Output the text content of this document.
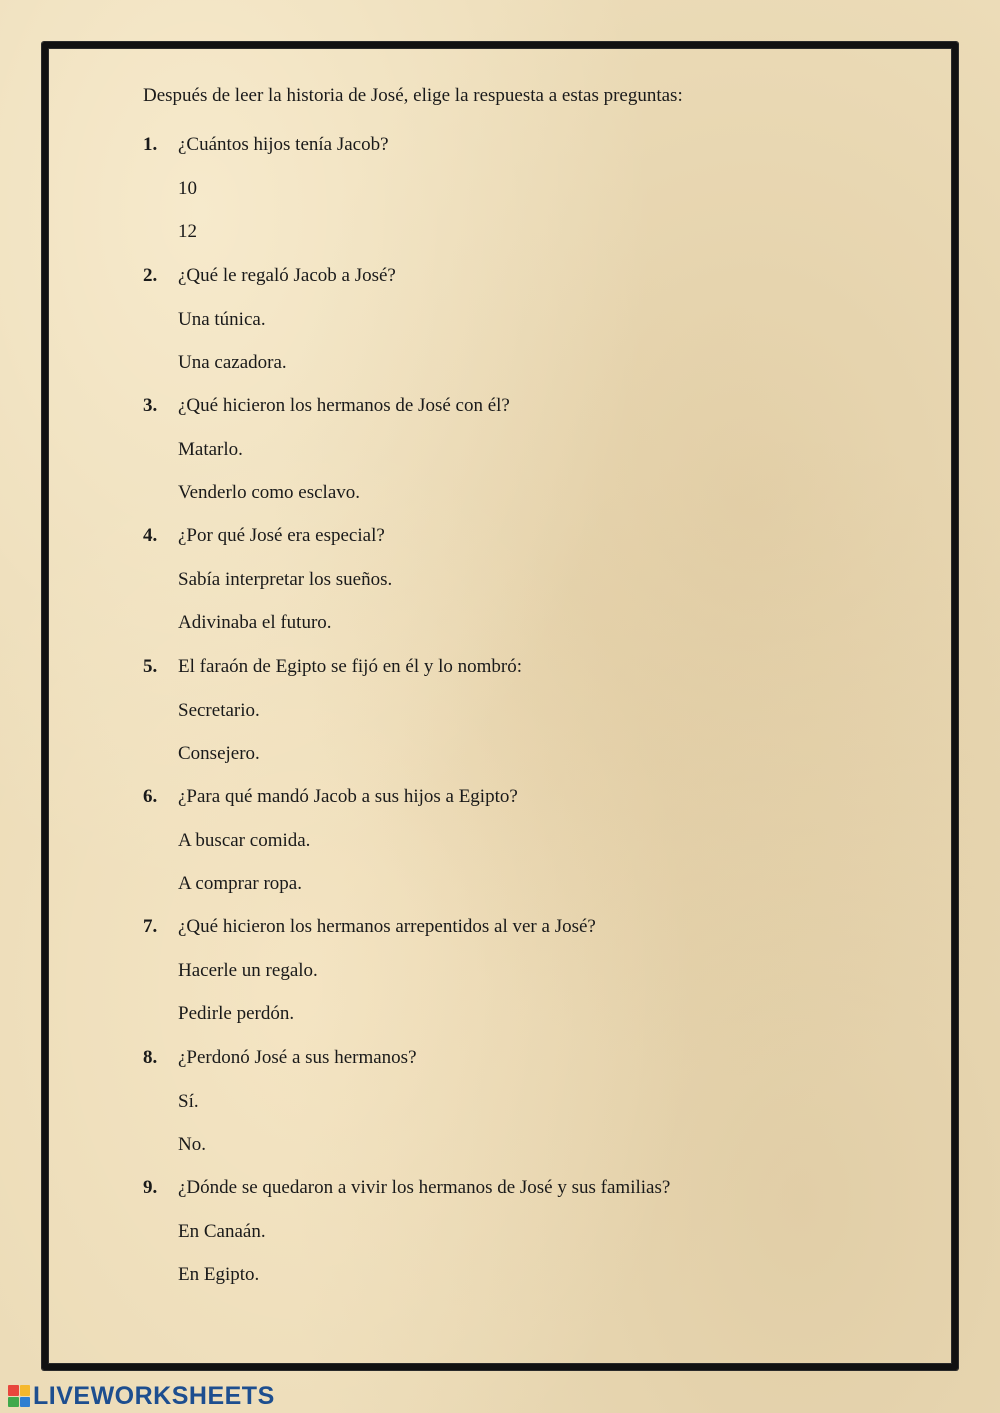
Después de leer la historia de José, elige la respuesta a estas preguntas:
1.	¿Cuántos hijos tenía Jacob?
10
12
2.	¿Qué le regaló Jacob a José?
Una túnica.
Una cazadora.
3.	¿Qué hicieron los hermanos de José con él?
Matarlo.
Venderlo como esclavo.
4.	¿Por qué José era especial?
Sabía interpretar los sueños.
Adivinaba el futuro.
5.	El faraón de Egipto se fijó en él y lo nombró:
Secretario.
Consejero.
6.	¿Para qué mandó Jacob a sus hijos a Egipto?
A buscar comida.
A comprar ropa.
7.	¿Qué hicieron los hermanos arrepentidos al ver a José?
Hacerle un regalo.
Pedirle perdón.
8.	¿Perdonó José a sus hermanos?
Sí.
No.
9.	¿Dónde se quedaron a vivir los hermanos de José y sus familias?
En Canaán.
En Egipto.
LIVEWORKSHEETS
